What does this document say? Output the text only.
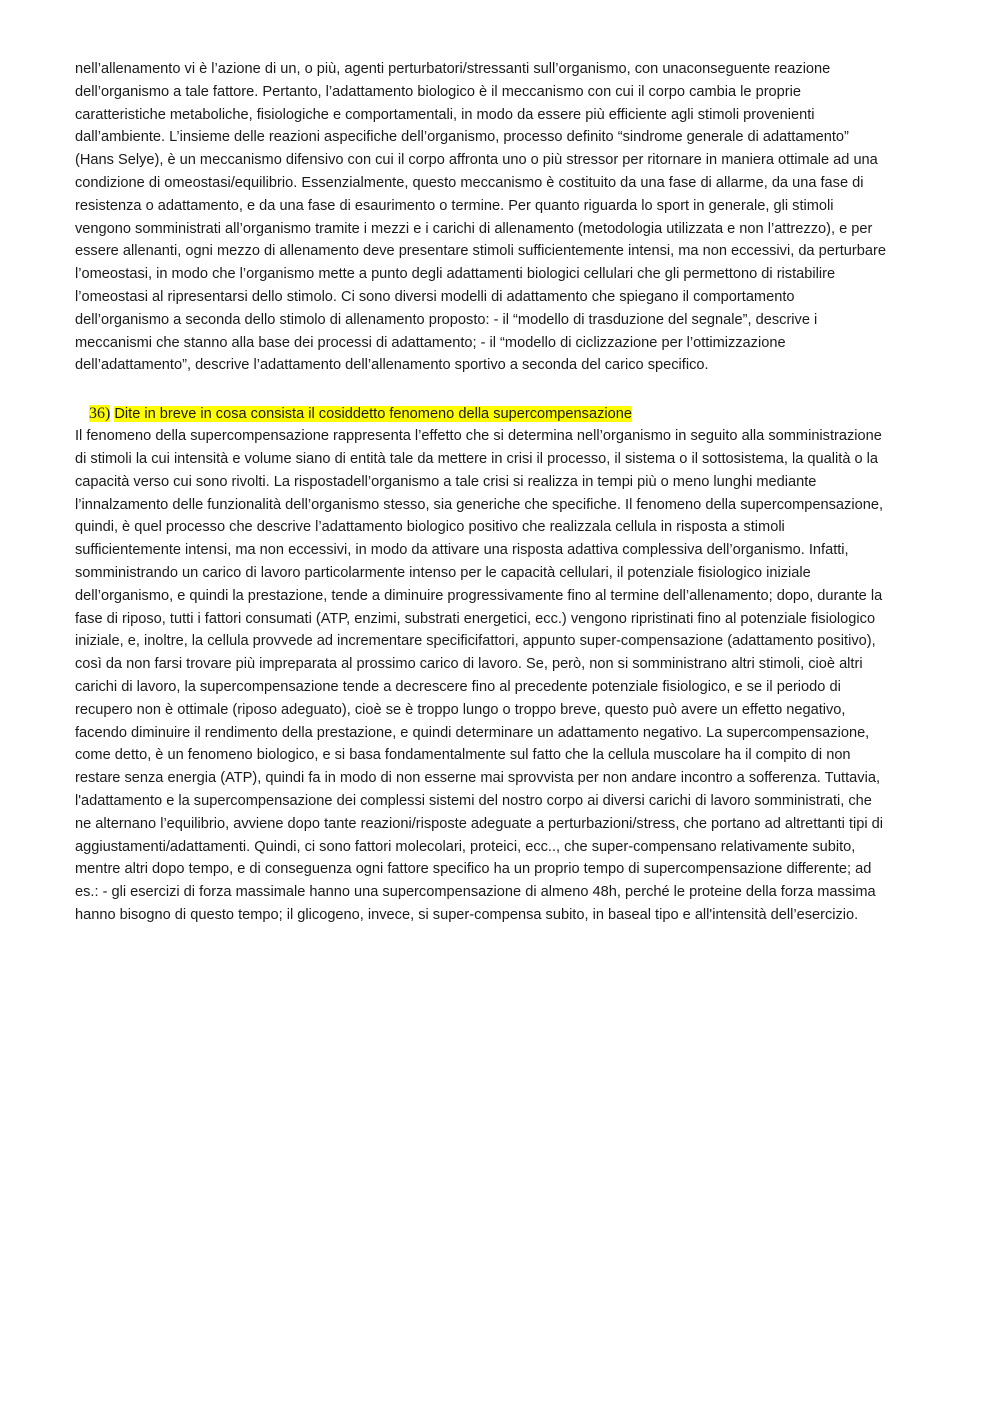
nell’allenamento vi è l’azione di un, o più, agenti perturbatori/stressanti sull’organismo, con unaconseguente reazione dell’organismo a tale fattore. Pertanto, l’adattamento biologico è il meccanismo con cui il corpo cambia le proprie caratteristiche metaboliche, fisiologiche e comportamentali, in modo da essere più efficiente agli stimoli provenienti dall’ambiente. L’insieme delle reazioni aspecifiche dell’organismo, processo definito “sindrome generale di adattamento” (Hans Selye), è un meccanismo difensivo con cui il corpo affronta uno o più stressor per ritornare in maniera ottimale ad una condizione di omeostasi/equilibrio. Essenzialmente, questo meccanismo è costituito da una fase di allarme, da una fase di resistenza o adattamento, e da una fase di esaurimento o termine. Per quanto riguarda lo sport in generale, gli stimoli vengono somministrati all’organismo tramite i mezzi e i carichi di allenamento (metodologia utilizzata e non l’attrezzo), e per essere allenanti, ogni mezzo di allenamento deve presentare stimoli sufficientemente intensi, ma non eccessivi, da perturbare l’omeostasi, in modo che l’organismo mette a punto degli adattamenti biologici cellulari che gli permettono di ristabilire l’omeostasi al ripresentarsi dello stimolo. Ci sono diversi modelli di adattamento che spiegano il comportamento dell’organismo a seconda dello stimolo di allenamento proposto: - il “modello di trasduzione del segnale”, descrive i meccanismi che stanno alla base dei processi di adattamento; - il “modello di ciclizzazione per l’ottimizzazione dell’adattamento”, descrive l’adattamento dell’allenamento sportivo a seconda del carico specifico.

36) Dite in breve in cosa consista il cosiddetto fenomeno della supercompensazione

Il fenomeno della supercompensazione rappresenta l’effetto che si determina nell’organismo in seguito alla somministrazione di stimoli la cui intensità e volume siano di entità tale da mettere in crisi il processo, il sistema o il sottosistema, la qualità o la capacità verso cui sono rivolti. La rispostadell’organismo a tale crisi si realizza in tempi più o meno lunghi mediante l’innalzamento delle funzionalità dell’organismo stesso, sia generiche che specifiche. Il fenomeno della supercompensazione, quindi, è quel processo che descrive l’adattamento biologico positivo che realizzala cellula in risposta a stimoli sufficientemente intensi, ma non eccessivi, in modo da attivare una risposta adattiva complessiva dell’organismo. Infatti, somministrando un carico di lavoro particolarmente intenso per le capacità cellulari, il potenziale fisiologico iniziale dell’organismo, e quindi la prestazione, tende a diminuire progressivamente fino al termine dell’allenamento; dopo, durante la fase di riposo, tutti i fattori consumati (ATP, enzimi, substrati energetici, ecc.) vengono ripristinati fino al potenziale fisiologico iniziale, e, inoltre, la cellula provvede ad incrementare specificifattori, appunto super-compensazione (adattamento positivo), così da non farsi trovare più impreparata al prossimo carico di lavoro. Se, però, non si somministrano altri stimoli, cioè altri carichi di lavoro, la supercompensazione tende a decrescere fino al precedente potenziale fisiologico, e se il periodo di recupero non è ottimale (riposo adeguato), cioè se è troppo lungo o troppo breve, questo può avere un effetto negativo, facendo diminuire il rendimento della prestazione, e quindi determinare un adattamento negativo. La supercompensazione, come detto, è un fenomeno biologico, e si basa fondamentalmente sul fatto che la cellula muscolare ha il compito di non restare senza energia (ATP), quindi fa in modo di non esserne mai sprovvista per non andare incontro a sofferenza. Tuttavia, l'adattamento e la supercompensazione dei complessi sistemi del nostro corpo ai diversi carichi di lavoro somministrati, che ne alternano l’equilibrio, avviene dopo tante reazioni/risposte adeguate a perturbazioni/stress, che portano ad altrettanti tipi di aggiustamenti/adattamenti. Quindi, ci sono fattori molecolari, proteici, ecc.., che super-compensano relativamente subito, mentre altri dopo tempo, e di conseguenza ogni fattore specifico ha un proprio tempo di supercompensazione differente; ad es.: - gli esercizi di forza massimale hanno una supercompensazione di almeno 48h, perché le proteine della forza massima hanno bisogno di questo tempo; il glicogeno, invece, si super-compensa subito, in baseal tipo e all'intensità dell’esercizio.
